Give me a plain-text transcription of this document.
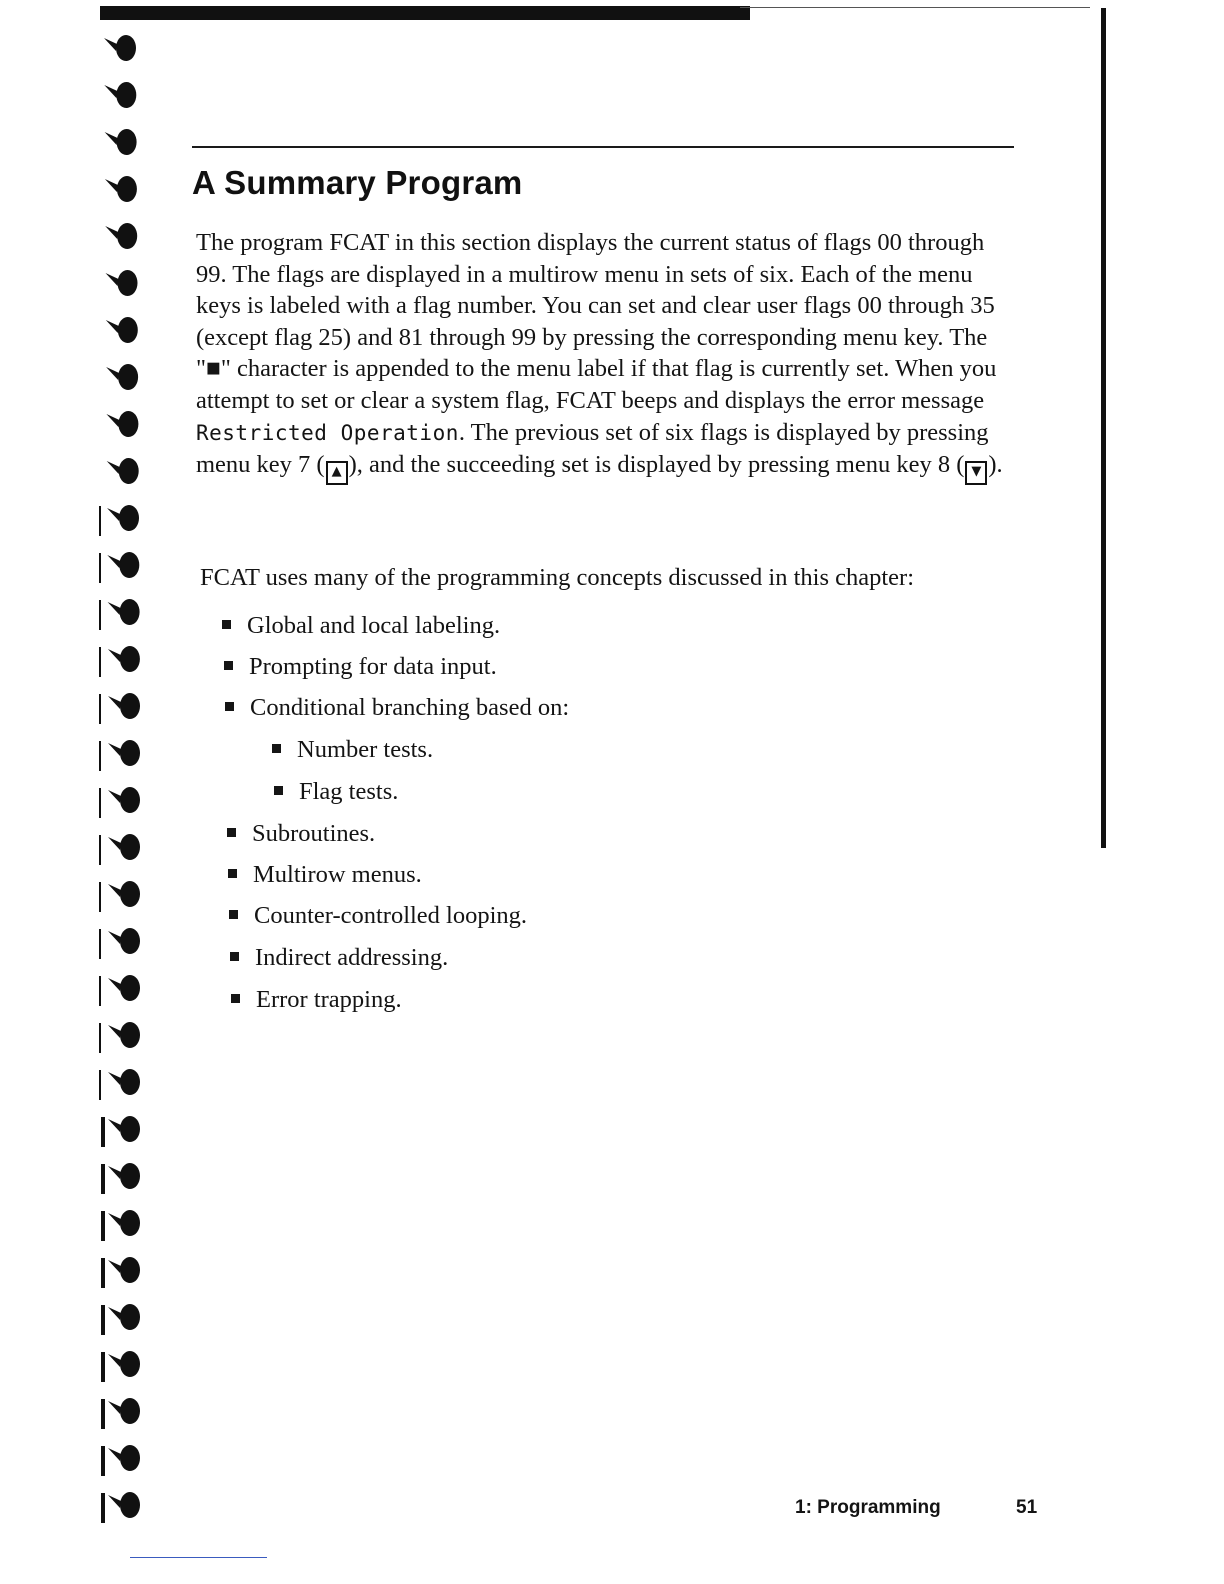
A Summary Program

The program FCAT in this section displays the current status of flags 00 through 99. The flags are displayed in a multirow menu in sets of six. Each of the menu keys is labeled with a flag number. You can set and clear user flags 00 through 35 (except flag 25) and 81 through 99 by pressing the corresponding menu key. The "■" character is appended to the menu label if that flag is currently set. When you attempt to set or clear a system flag, FCAT beeps and displays the error message Restricted Operation. The previous set of six flags is displayed by pressing menu key 7 ( ▲ ), and the succeeding set is displayed by pressing menu key 8 ( ▼ ).

FCAT uses many of the programming concepts discussed in this chapter:

Global and local labeling.
Prompting for data input.
Conditional branching based on:
Number tests.
Flag tests.
Subroutines.
Multirow menus.
Counter-controlled looping.
Indirect addressing.
Error trapping.
1: Programming	51
